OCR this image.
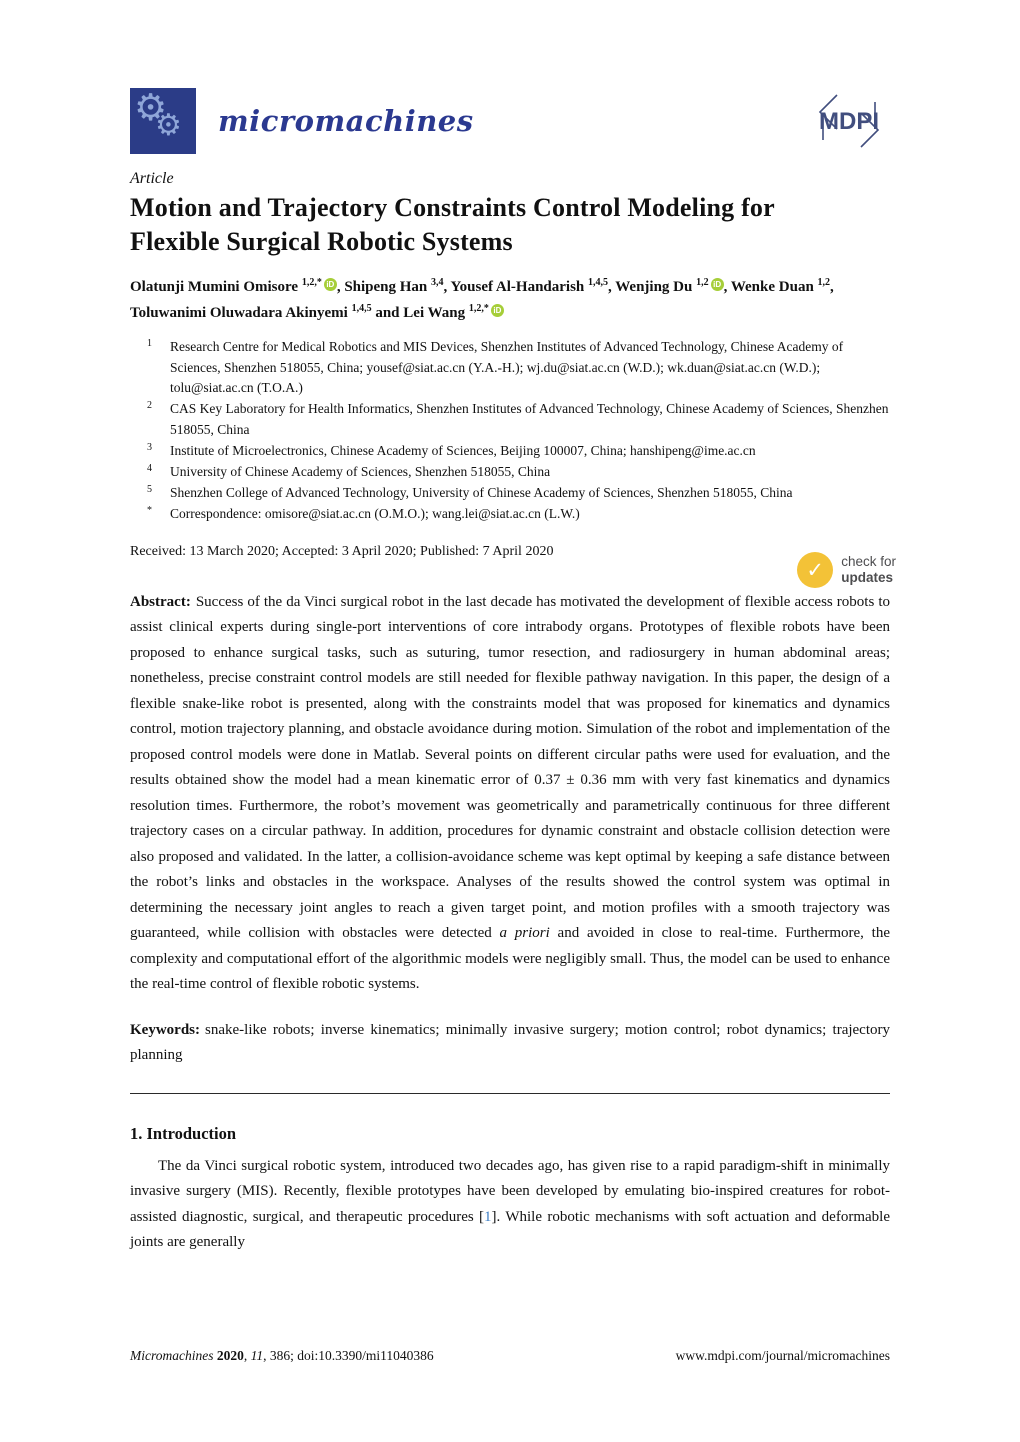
⚙
⚙ micromachines	MDPI
Article
Motion and Trajectory Constraints Control Modeling for Flexible Surgical Robotic Systems

Olatunji Mumini Omisore $^{1,2,*}$ iD , Shipeng Han $^{3,4}$, Yousef Al-Handarish $^{1,4,5}$, Wenjing Du $^{1,2}$ iD , Wenke Duan $^{1,2}$, Toluwanimi Oluwadara Akinyemi $^{1,4,5}$ and Lei Wang $^{1,2,*}$ iD

1 Research Centre for Medical Robotics and MIS Devices, Shenzhen Institutes of Advanced Technology, Chinese Academy of Sciences, Shenzhen 518055, China; yousef@siat.ac.cn (Y.A.-H.); wj.du@siat.ac.cn (W.D.); wk.duan@siat.ac.cn (W.D.); tolu@siat.ac.cn (T.O.A.)
2 CAS Key Laboratory for Health Informatics, Shenzhen Institutes of Advanced Technology, Chinese Academy of Sciences, Shenzhen 518055, China
3 Institute of Microelectronics, Chinese Academy of Sciences, Beijing 100007, China; hanshipeng@ime.ac.cn
4 University of Chinese Academy of Sciences, Shenzhen 518055, China
5 Shenzhen College of Advanced Technology, University of Chinese Academy of Sciences, Shenzhen 518055, China
* Correspondence: omisore@siat.ac.cn (O.M.O.); wang.lei@siat.ac.cn (L.W.)

Received: 13 March 2020; Accepted: 3 April 2020; Published: 7 April 2020

✓ check for
updates

Abstract: Success of the da Vinci surgical robot in the last decade has motivated the development of flexible access robots to assist clinical experts during single-port interventions of core intrabody organs. Prototypes of flexible robots have been proposed to enhance surgical tasks, such as suturing, tumor resection, and radiosurgery in human abdominal areas; nonetheless, precise constraint control models are still needed for flexible pathway navigation. In this paper, the design of a flexible snake-like robot is presented, along with the constraints model that was proposed for kinematics and dynamics control, motion trajectory planning, and obstacle avoidance during motion. Simulation of the robot and implementation of the proposed control models were done in Matlab. Several points on different circular paths were used for evaluation, and the results obtained show the model had a mean kinematic error of 0.37 ± 0.36 mm with very fast kinematics and dynamics resolution times. Furthermore, the robot’s movement was geometrically and parametrically continuous for three different trajectory cases on a circular pathway. In addition, procedures for dynamic constraint and obstacle collision detection were also proposed and validated. In the latter, a collision-avoidance scheme was kept optimal by keeping a safe distance between the robot’s links and obstacles in the workspace. Analyses of the results showed the control system was optimal in determining the necessary joint angles to reach a given target point, and motion profiles with a smooth trajectory was guaranteed, while collision with obstacles were detected a priori and avoided in close to real-time. Furthermore, the complexity and computational effort of the algorithmic models were negligibly small. Thus, the model can be used to enhance the real-time control of flexible robotic systems.

Keywords: snake-like robots; inverse kinematics; minimally invasive surgery; motion control; robot dynamics; trajectory planning

1. Introduction

The da Vinci surgical robotic system, introduced two decades ago, has given rise to a rapid paradigm-shift in minimally invasive surgery (MIS). Recently, flexible prototypes have been developed by emulating bio-inspired creatures for robot-assisted diagnostic, surgical, and therapeutic procedures [1]. While robotic mechanisms with soft actuation and deformable joints are generally

Micromachines 2020, 11, 386; doi:10.3390/mi11040386	www.mdpi.com/journal/micromachines
